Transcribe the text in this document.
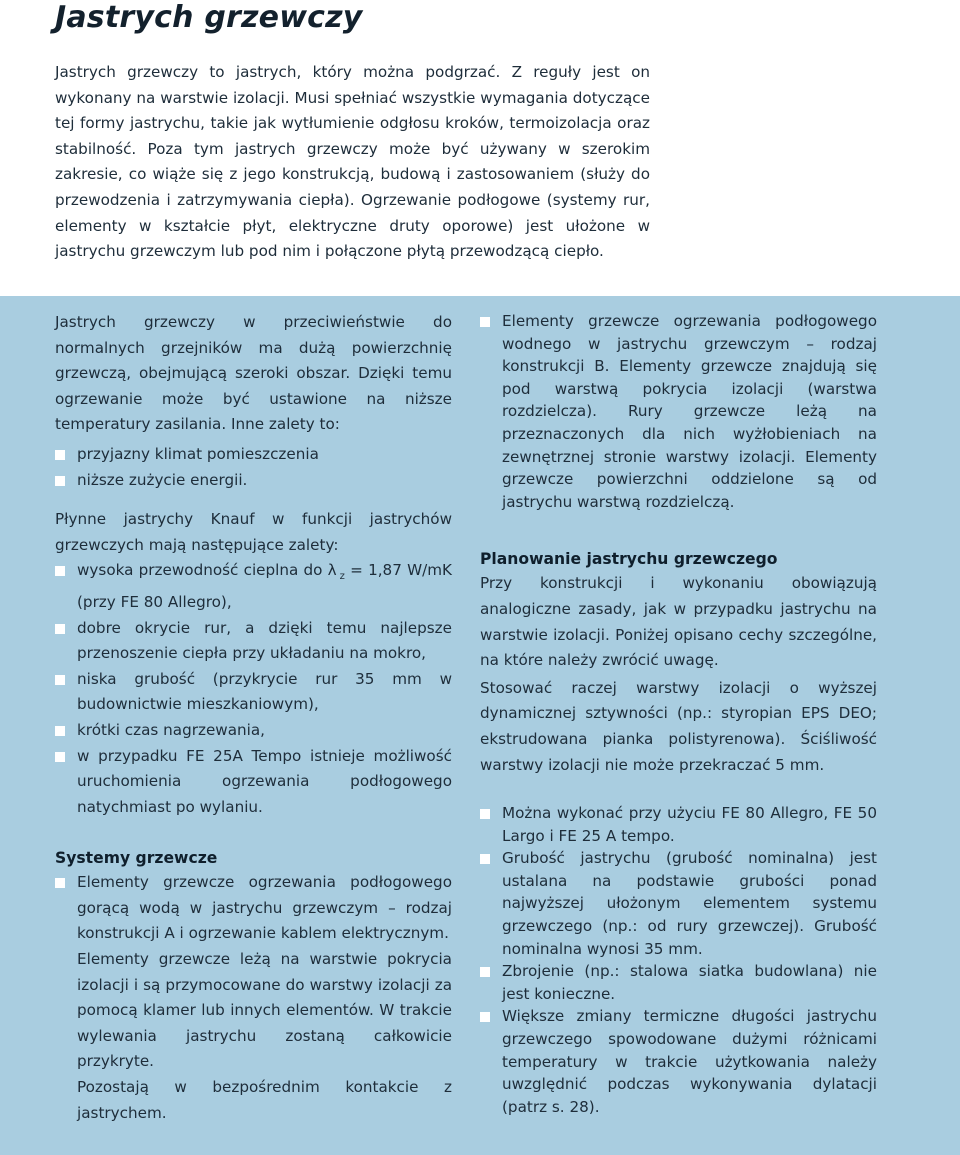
Jastrych grzewczy

Jastrych grzewczy to jastrych, który można podgrzać. Z reguły jest on wykonany na warstwie izolacji. Musi spełniać wszystkie wymagania dotyczące tej formy jastrychu, takie jak wytłumienie odgłosu kroków, termoizolacja oraz stabilność. Poza tym jastrych grzewczy może być używany w szerokim zakresie, co wiąże się z jego konstrukcją, budową i zastosowaniem (służy do przewodzenia i zatrzymywania ciepła). Ogrzewanie podłogowe (systemy rur, elementy w kształcie płyt, elektryczne druty oporowe) jest ułożone w jastrychu grzewczym lub pod nim i połączone płytą przewodzącą ciepło.

Jastrych grzewczy w przeciwieństwie do normalnych grzejników ma dużą powierzchnię grzewczą, obejmującą szeroki obszar. Dzięki temu ogrzewanie może być ustawione na niższe temperatury zasilania. Inne zalety to:

przyjazny klimat pomieszczenia
niższe zużycie energii.

Płynne jastrychy Knauf w funkcji jastrychów grzewczych mają następujące zalety:

wysoka przewodność cieplna do λ $_z$ = 1,87 W/mK (przy FE 80 Allegro),
dobre okrycie rur, a dzięki temu najlepsze przenoszenie ciepła przy układaniu na mokro,
niska grubość (przykrycie rur 35 mm w budownictwie mieszkaniowym),
krótki czas nagrzewania,
w przypadku FE 25A Tempo istnieje możliwość uruchomienia ogrzewania podłogowego natychmiast po wylaniu.
Systemy grzewcze
Elementy grzewcze ogrzewania podłogowego gorącą wodą w jastrychu grzewczym – rodzaj konstrukcji A i ogrzewanie kablem elektrycznym.

Elementy grzewcze leżą na warstwie pokrycia izolacji i są przymocowane do warstwy izolacji za pomocą klamer lub innych elementów. W trakcie wylewania jastrychu zostaną całkowicie przykryte.

Pozostają w bezpośrednim kontakcie z jastrychem.

Elementy grzewcze ogrzewania podłogowego wodnego w jastrychu grzewczym – rodzaj konstrukcji B. Elementy grzewcze znajdują się pod warstwą pokrycia izolacji (warstwa rozdzielcza). Rury grzewcze leżą na przeznaczonych dla nich wyżłobieniach na zewnętrznej stronie warstwy izolacji. Elementy grzewcze powierzchni oddzielone są od jastrychu warstwą rozdzielczą.
Planowanie jastrychu grzewczego

Przy konstrukcji i wykonaniu obowiązują analogiczne zasady, jak w przypadku jastrychu na warstwie izolacji. Poniżej opisano cechy szczególne, na które należy zwrócić uwagę.

Stosować raczej warstwy izolacji o wyższej dynamicznej sztywności (np.: styropian EPS DEO; ekstrudowana pianka polistyrenowa). Ściśliwość warstwy izolacji nie może przekraczać 5 mm.

Można wykonać przy użyciu FE 80 Allegro, FE 50 Largo i FE 25 A tempo.
Grubość jastrychu (grubość nominalna) jest ustalana na podstawie grubości ponad najwyższej ułożonym elementem systemu grzewczego (np.: od rury grzewczej). Grubość nominalna wynosi 35 mm.
Zbrojenie (np.: stalowa siatka budowlana) nie jest konieczne.
Większe zmiany termiczne długości jastrychu grzewczego spowodowane dużymi różnicami temperatury w trakcie użytkowania należy uwzględnić podczas wykonywania dylatacji (patrz s. 28).
